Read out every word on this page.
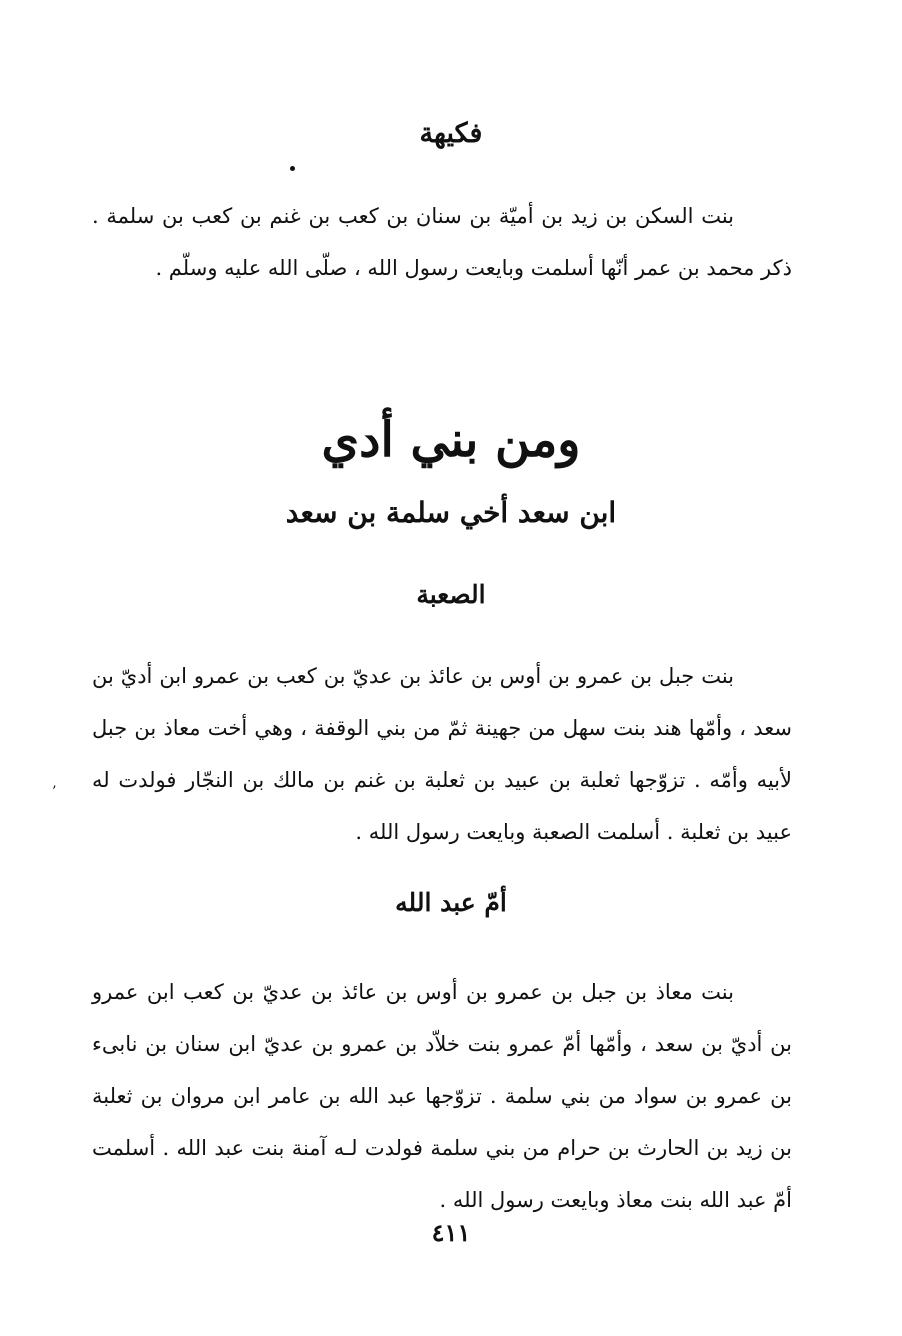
فكيهة

بنت السكن بن زيد بن أميّة بن سنان بن كعب بن غنم بن كعب بن سلمة . ذكر محمد بن عمر أنّها أسلمت وبايعت رسول الله ، صلّى الله عليه وسلّم .

ومن بني أدي
ابن سعد أخي سلمة بن سعد
الصعبة

بنت جبل بن عمرو بن أوس بن عائذ بن عديّ بن كعب بن عمرو ابن أديّ بن سعد ، وأمّها هند بنت سهل من جهينة ثمّ من بني الوقفة ، وهي أخت معاذ بن جبل لأبيه وأمّه . تزوّجها ثعلبة بن عبيد بن ثعلبة بن غنم بن مالك بن النجّار فولدت له عبيد بن ثعلبة . أسلمت الصعبة وبايعت رسول الله .

’
أمّ عبد الله

بنت معاذ بن جبل بن عمرو بن أوس بن عائذ بن عديّ بن كعب ابن عمرو بن أديّ بن سعد ، وأمّها أمّ عمرو بنت خلاّد بن عمرو بن عديّ ابن سنان بن نابىء بن عمرو بن سواد من بني سلمة . تزوّجها عبد الله بن عامر ابن مروان بن ثعلبة بن زيد بن الحارث بن حرام من بني سلمة فولدت لـه آمنة بنت عبد الله . أسلمت أمّ عبد الله بنت معاذ وبايعت رسول الله .

٤١١
